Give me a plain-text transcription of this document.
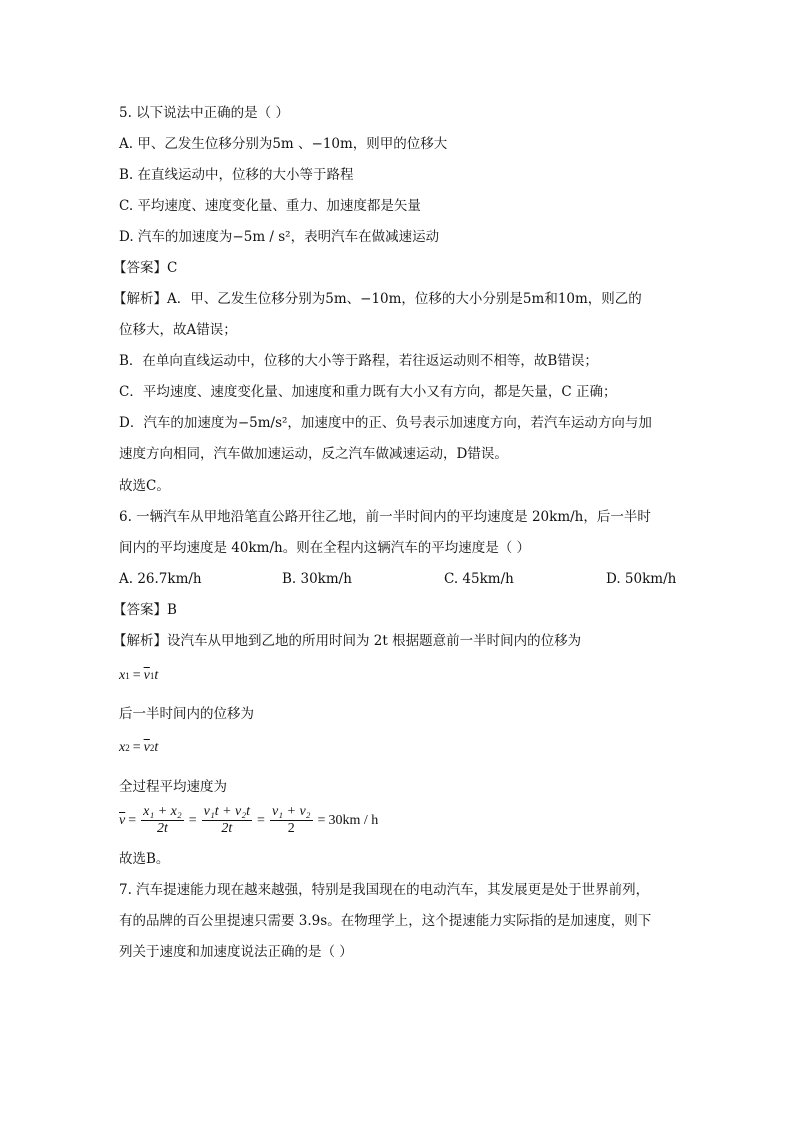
5. 以下说法中正确的是（ ）
A. 甲、乙发生位移分别为5m 、−10m，则甲的位移大
B. 在直线运动中，位移的大小等于路程
C. 平均速度、速度变化量、重力、加速度都是矢量
D. 汽车的加速度为−5m / s²，表明汽车在做减速运动
【答案】C
【解析】A．甲、乙发生位移分别为5m、−10m，位移的大小分别是5m和10m，则乙的
位移大，故A错误；
B．在单向直线运动中，位移的大小等于路程，若往返运动则不相等，故B错误；
C．平均速度、速度变化量、加速度和重力既有大小又有方向，都是矢量，C 正确；
D．汽车的加速度为−5m/s²，加速度中的正、负号表示加速度方向，若汽车运动方向与加
速度方向相同，汽车做加速运动，反之汽车做减速运动，D错误。
故选C。
6. 一辆汽车从甲地沿笔直公路开往乙地，前一半时间内的平均速度是 20km/h，后一半时
间内的平均速度是 40km/h。则在全程内这辆汽车的平均速度是（ ）
A. 26.7km/h	B. 30km/h	C. 45km/h	D. 50km/h
【答案】B
【解析】设汽车从甲地到乙地的所用时间为 2t 根据题意前一半时间内的位移为
x $1 = \overline{v}$ 1 t
后一半时间内的位移为
x $2 = \overline{v}$ 2 t
全过程平均速度为
$\overline{v} = \frac{\text{x₁ + x₂}}{2t} = \frac{\text{v₁t + v₂t}}{2t} = \frac{\text{v₁ + v₂}}{2} = 30km / h$
故选B。
7. 汽车提速能力现在越来越强，特别是我国现在的电动汽车，其发展更是处于世界前列，
有的品牌的百公里提速只需要 3.9s。在物理学上，这个提速能力实际指的是加速度，则下
列关于速度和加速度说法正确的是（ ）
